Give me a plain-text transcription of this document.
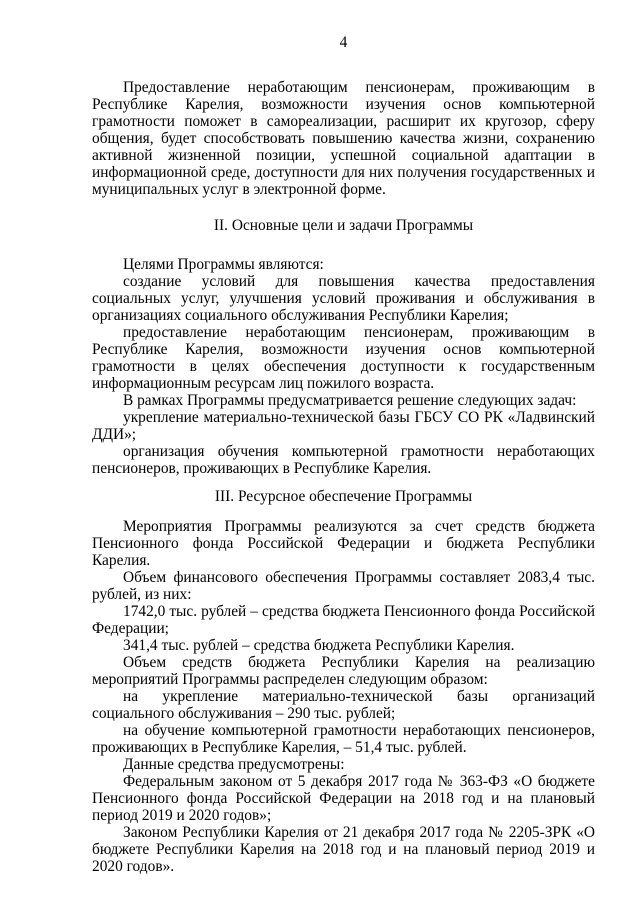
4

Предоставление неработающим пенсионерам, проживающим в Республике Карелия, возможности изучения основ компьютерной грамотности поможет в самореализации, расширит их кругозор, сферу общения, будет способствовать повышению качества жизни, сохранению активной жизненной позиции, успешной социальной адаптации в информационной среде, доступности для них получения государственных и муниципальных услуг в электронной форме.

II. Основные цели и задачи Программы

Целями Программы являются:

создание условий для повышения качества предоставления социальных услуг, улучшения условий проживания и обслуживания в организациях социального обслуживания Республики Карелия;

предоставление неработающим пенсионерам, проживающим в Республике Карелия, возможности изучения основ компьютерной грамотности в целях обеспечения доступности к государственным информационным ресурсам лиц пожилого возраста.

В рамках Программы предусматривается решение следующих задач:

укрепление материально-технической базы ГБСУ СО РК «Ладвинский ДДИ»;

организация обучения компьютерной грамотности неработающих пенсионеров, проживающих в Республике Карелия.

III. Ресурсное обеспечение Программы

Мероприятия Программы реализуются за счет средств бюджета Пенсионного фонда Российской Федерации и бюджета Республики Карелия.

Объем финансового обеспечения Программы составляет 2083,4 тыс. рублей, из них:

1742,0 тыс. рублей – средства бюджета Пенсионного фонда Российской Федерации;

341,4 тыс. рублей – средства бюджета Республики Карелия.

Объем средств бюджета Республики Карелия на реализацию мероприятий Программы распределен следующим образом:

на укрепление материально-технической базы организаций социального обслуживания – 290 тыс. рублей;

на обучение компьютерной грамотности неработающих пенсионеров, проживающих в Республике Карелия, – 51,4 тыс. рублей.

Данные средства предусмотрены:

Федеральным законом от 5 декабря 2017 года № 363-ФЗ «О бюджете Пенсионного фонда Российской Федерации на 2018 год и на плановый период 2019 и 2020 годов»;

Законом Республики Карелия от 21 декабря 2017 года № 2205-ЗРК «О бюджете Республики Карелия на 2018 год и на плановый период 2019 и 2020 годов».
